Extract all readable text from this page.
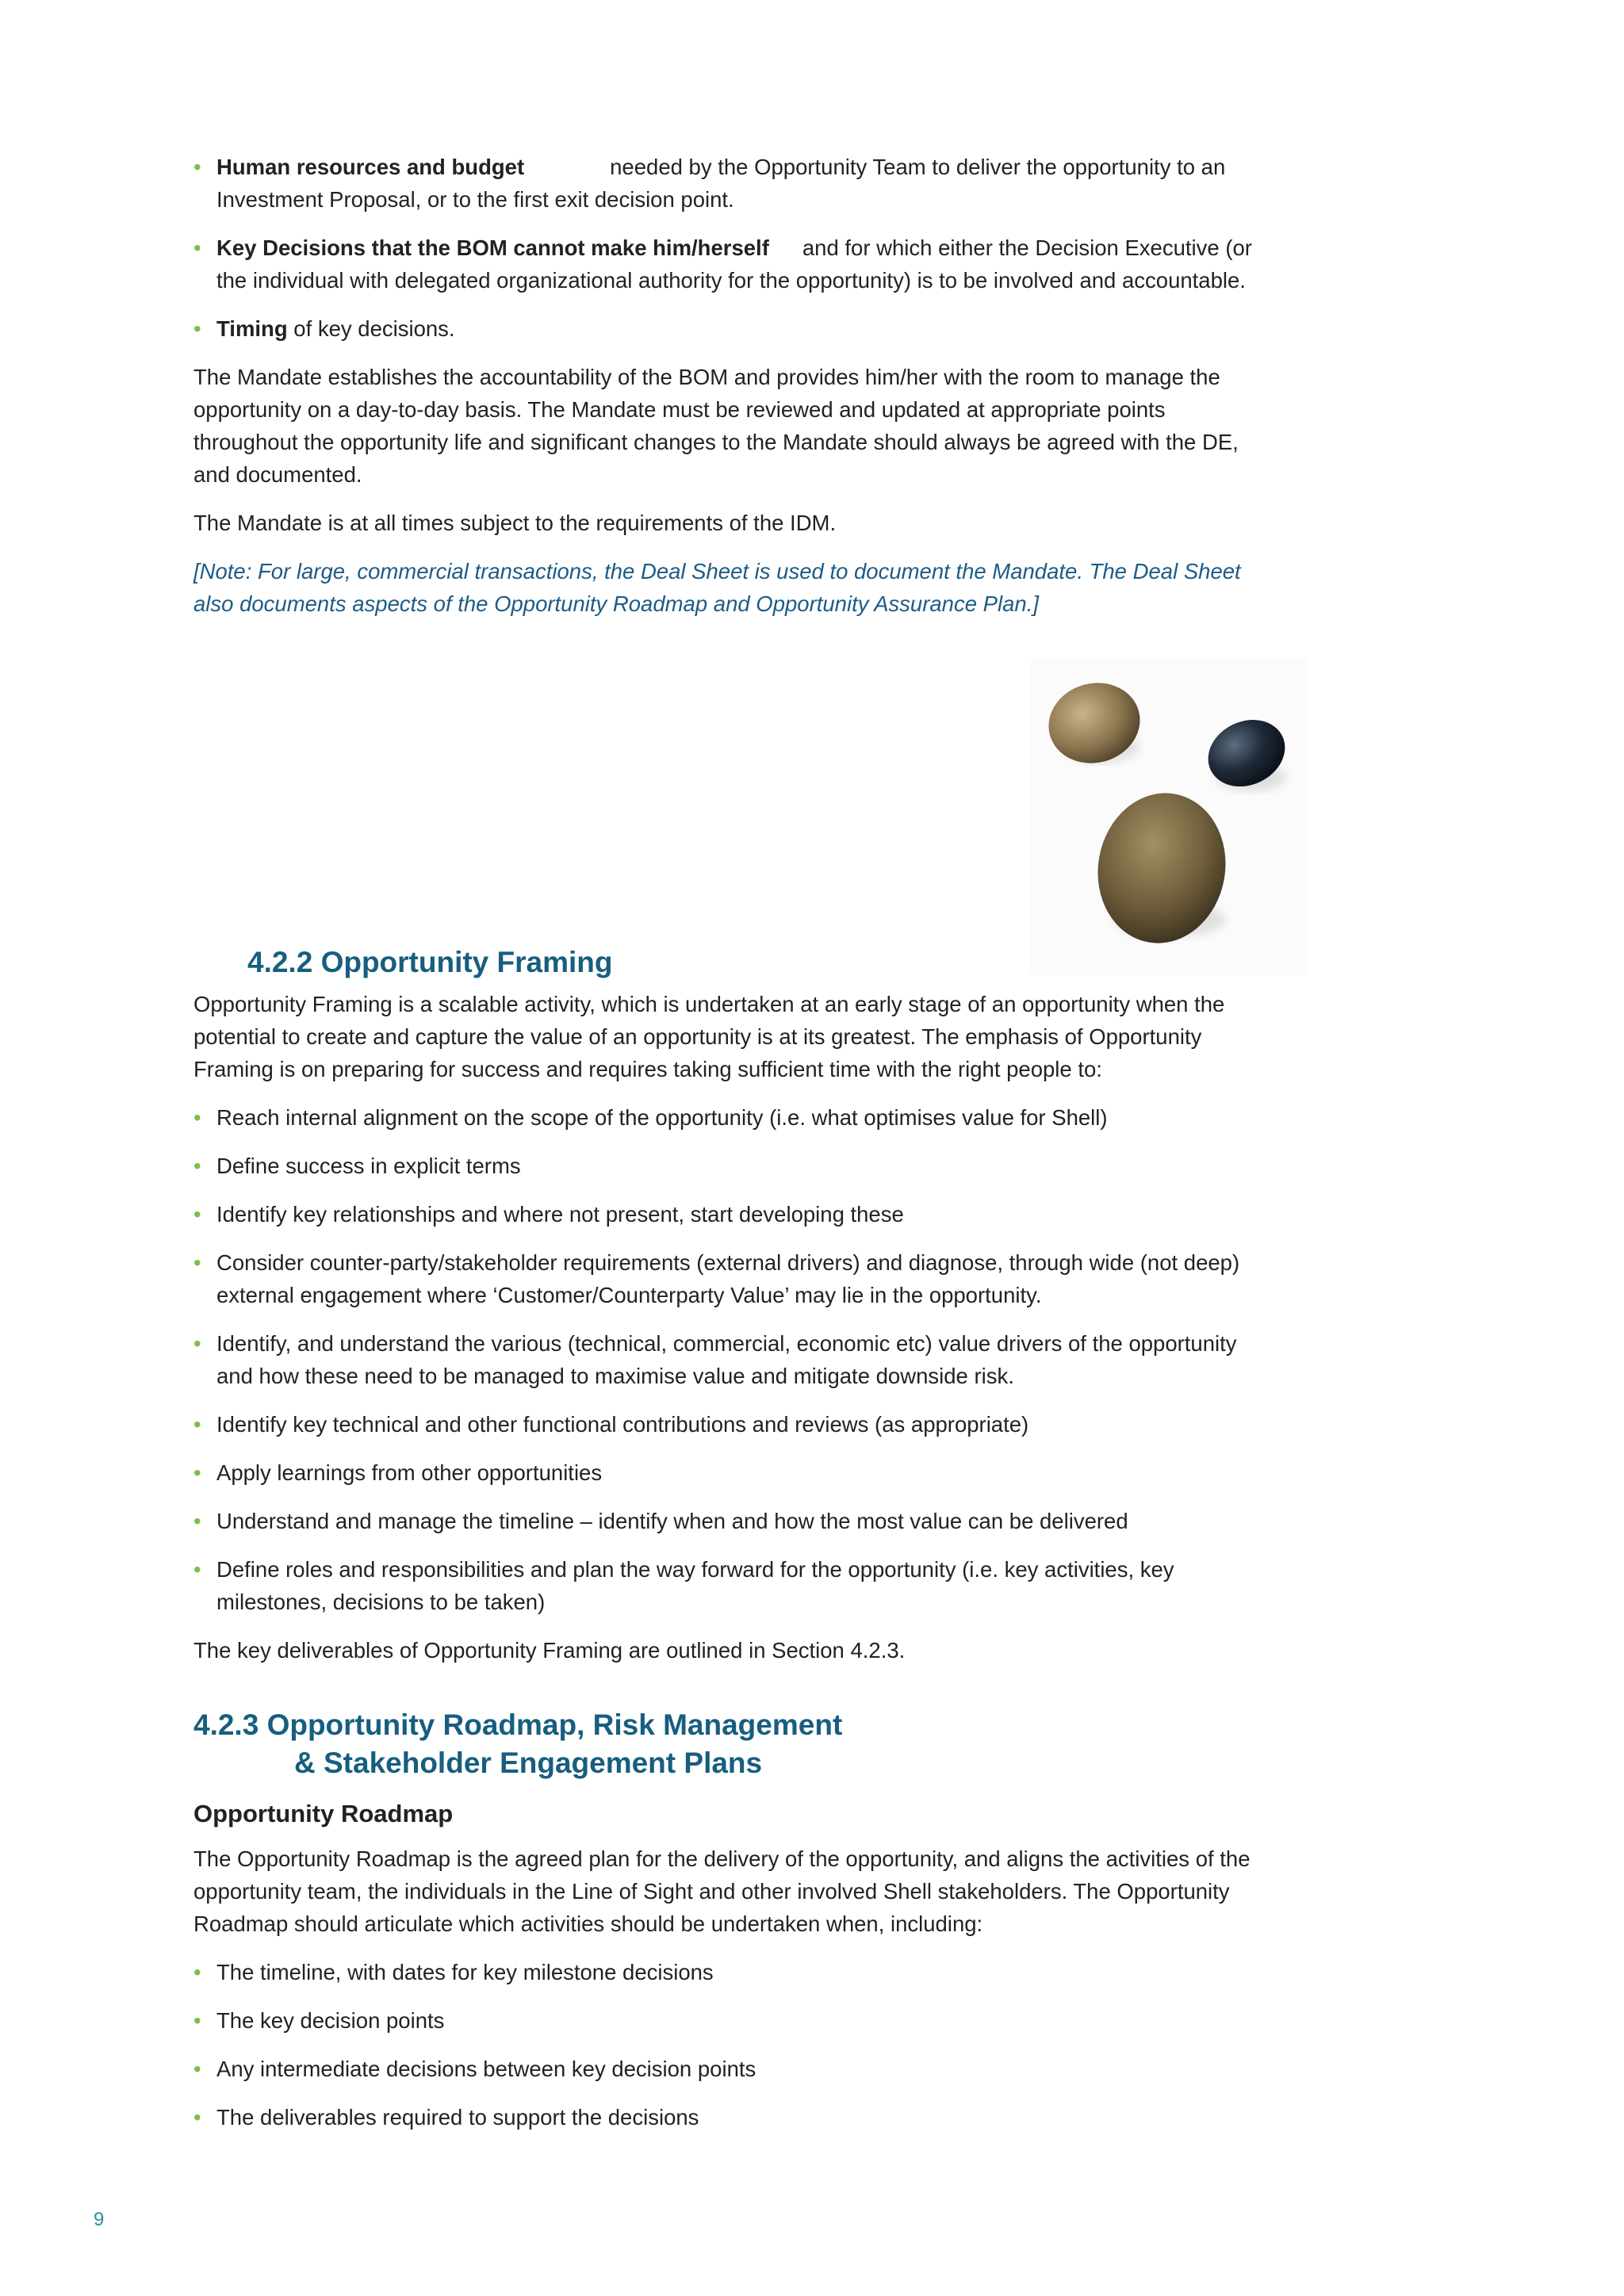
• Human resources and budget	needed by the Opportunity Team to deliver the opportunity to an Investment Proposal, or to the first exit decision point.
• Key Decisions that the BOM cannot make him/herself and for which either the Decision Executive (or the individual with delegated organizational authority for the opportunity) is to be involved and accountable.
• Timing of key decisions.

The Mandate establishes the accountability of the BOM and provides him/her with the room to manage the opportunity on a day-to-day basis. The Mandate must be reviewed and updated at appropriate points throughout the opportunity life and significant changes to the Mandate should always be agreed with the DE, and documented.

The Mandate is at all times subject to the requirements of the IDM.

[Note: For large, commercial transactions, the Deal Sheet is used to document the Mandate. The Deal Sheet also documents aspects of the Opportunity Roadmap and Opportunity Assurance Plan.]

4.2.2 Opportunity Framing

Opportunity Framing is a scalable activity, which is undertaken at an early stage of an opportunity when the potential to create and capture the value of an opportunity is at its greatest. The emphasis of Opportunity Framing is on preparing for success and requires taking sufficient time with the right people to:

• Reach internal alignment on the scope of the opportunity (i.e. what optimises value for Shell)
• Define success in explicit terms
• Identify key relationships and where not present, start developing these
• Consider counter-party/stakeholder requirements (external drivers) and diagnose, through wide (not deep) external engagement where ‘Customer/Counterparty Value’ may lie in the opportunity.
• Identify, and understand the various (technical, commercial, economic etc) value drivers of the opportunity and how these need to be managed to maximise value and mitigate downside risk.
• Identify key technical and other functional contributions and reviews (as appropriate)
• Apply learnings from other opportunities
• Understand and manage the timeline – identify when and how the most value can be delivered
• Define roles and responsibilities and plan the way forward for the opportunity (i.e. key activities, key milestones, decisions to be taken)

The key deliverables of Opportunity Framing are outlined in Section 4.2.3.

4.2.3 Opportunity Roadmap, Risk Management
& Stakeholder Engagement Plans
Opportunity Roadmap

The Opportunity Roadmap is the agreed plan for the delivery of the opportunity, and aligns the activities of the opportunity team, the individuals in the Line of Sight and other involved Shell stakeholders. The Opportunity Roadmap should articulate which activities should be undertaken when, including:

• The timeline, with dates for key milestone decisions
• The key decision points
• Any intermediate decisions between key decision points
• The deliverables required to support the decisions
9
